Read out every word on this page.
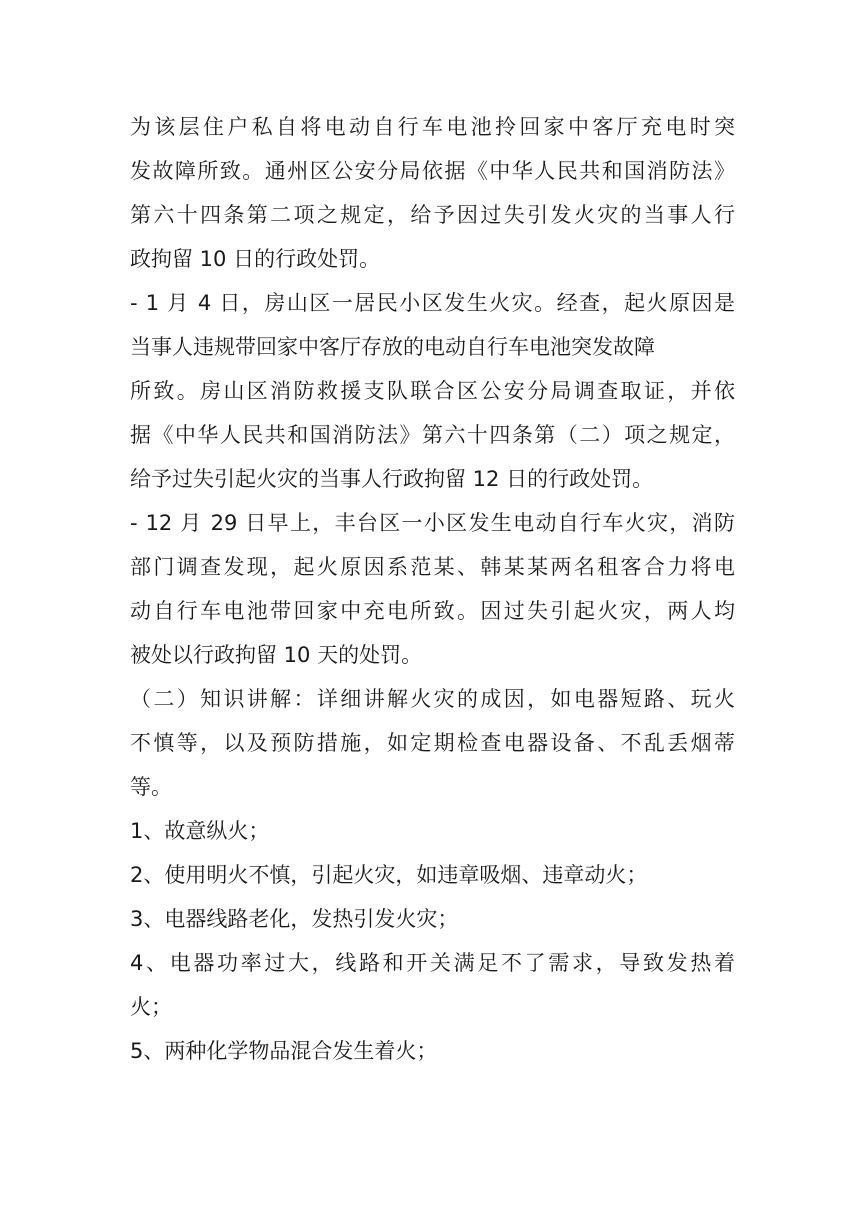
为该层住户私自将电动自行车电池拎回家中客厅充电时突
发故障所致。通州区公安分局依据《中华人民共和国消防法》
第六十四条第二项之规定，给予因过失引发火灾的当事人行
政拘留 10 日的行政处罚。

- 1 月 4 日，房山区一居民小区发生火灾。经查，起火原因是
当事人违规带回家中客厅存放的电动自行车电池突发故障
所致。房山区消防救援支队联合区公安分局调查取证，并依
据《中华人民共和国消防法》第六十四条第（二）项之规定，
给予过失引起火灾的当事人行政拘留 12 日的行政处罚。

- 12 月 29 日早上，丰台区一小区发生电动自行车火灾，消防
部门调查发现，起火原因系范某、韩某某两名租客合力将电
动自行车电池带回家中充电所致。因过失引起火灾，两人均
被处以行政拘留 10 天的处罚。

（二）知识讲解：详细讲解火灾的成因，如电器短路、玩火
不慎等，以及预防措施，如定期检查电器设备、不乱丢烟蒂
等。

1、故意纵火；

2、使用明火不慎，引起火灾，如违章吸烟、违章动火；

3、电器线路老化，发热引发火灾；

4、电器功率过大，线路和开关满足不了需求，导致发热着
火；

5、两种化学物品混合发生着火；
